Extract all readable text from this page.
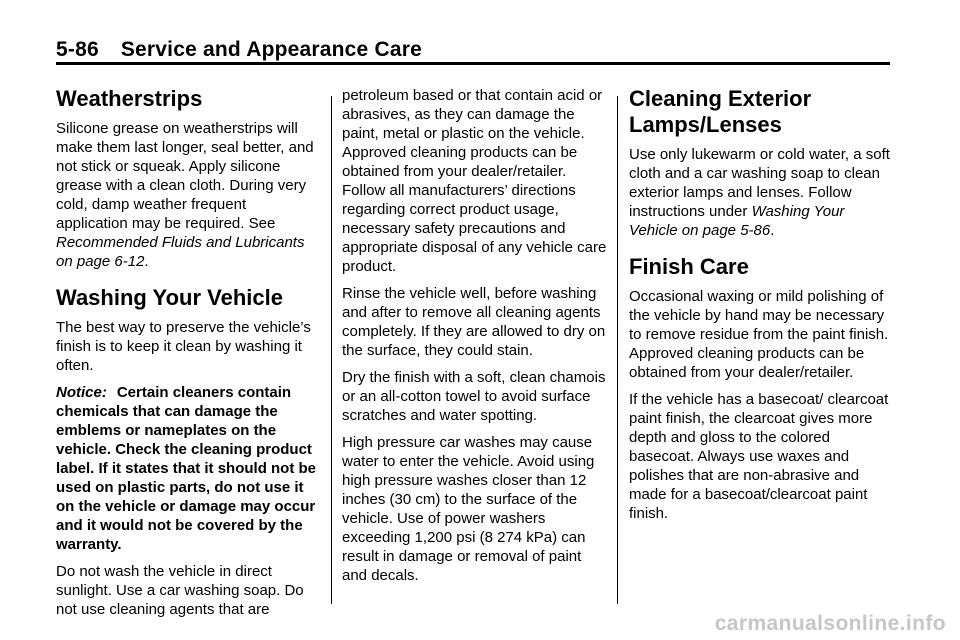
5-86 Service and Appearance Care
Weatherstrips

Silicone grease on weatherstrips will make them last longer, seal better, and not stick or squeak. Apply silicone grease with a clean cloth. During very cold, damp weather frequent application may be required. See Recommended Fluids and Lubricants on page 6-12.

Washing Your Vehicle

The best way to preserve the vehicle’s finish is to keep it clean by washing it often.

Notice: Certain cleaners contain chemicals that can damage the emblems or nameplates on the vehicle. Check the cleaning product label. If it states that it should not be used on plastic parts, do not use it on the vehicle or damage may occur and it would not be covered by the warranty.

Do not wash the vehicle in direct sunlight. Use a car washing soap. Do not use cleaning agents that are

petroleum based or that contain acid or abrasives, as they can damage the paint, metal or plastic on the vehicle. Approved cleaning products can be obtained from your dealer/retailer. Follow all manufacturers’ directions regarding correct product usage, necessary safety precautions and appropriate disposal of any vehicle care product.

Rinse the vehicle well, before washing and after to remove all cleaning agents completely. If they are allowed to dry on the surface, they could stain.

Dry the finish with a soft, clean chamois or an all-cotton towel to avoid surface scratches and water spotting.

High pressure car washes may cause water to enter the vehicle. Avoid using high pressure washes closer than 12 inches (30 cm) to the surface of the vehicle. Use of power washers exceeding 1,200 psi (8 274 kPa) can result in damage or removal of paint and decals.

Cleaning Exterior Lamps/Lenses

Use only lukewarm or cold water, a soft cloth and a car washing soap to clean exterior lamps and lenses. Follow instructions under Washing Your Vehicle on page 5-86.

Finish Care

Occasional waxing or mild polishing of the vehicle by hand may be necessary to remove residue from the paint finish. Approved cleaning products can be obtained from your dealer/retailer.

If the vehicle has a basecoat/ clearcoat paint finish, the clearcoat gives more depth and gloss to the colored basecoat. Always use waxes and polishes that are non-abrasive and made for a basecoat/clearcoat paint finish.

carmanualsonline.info
